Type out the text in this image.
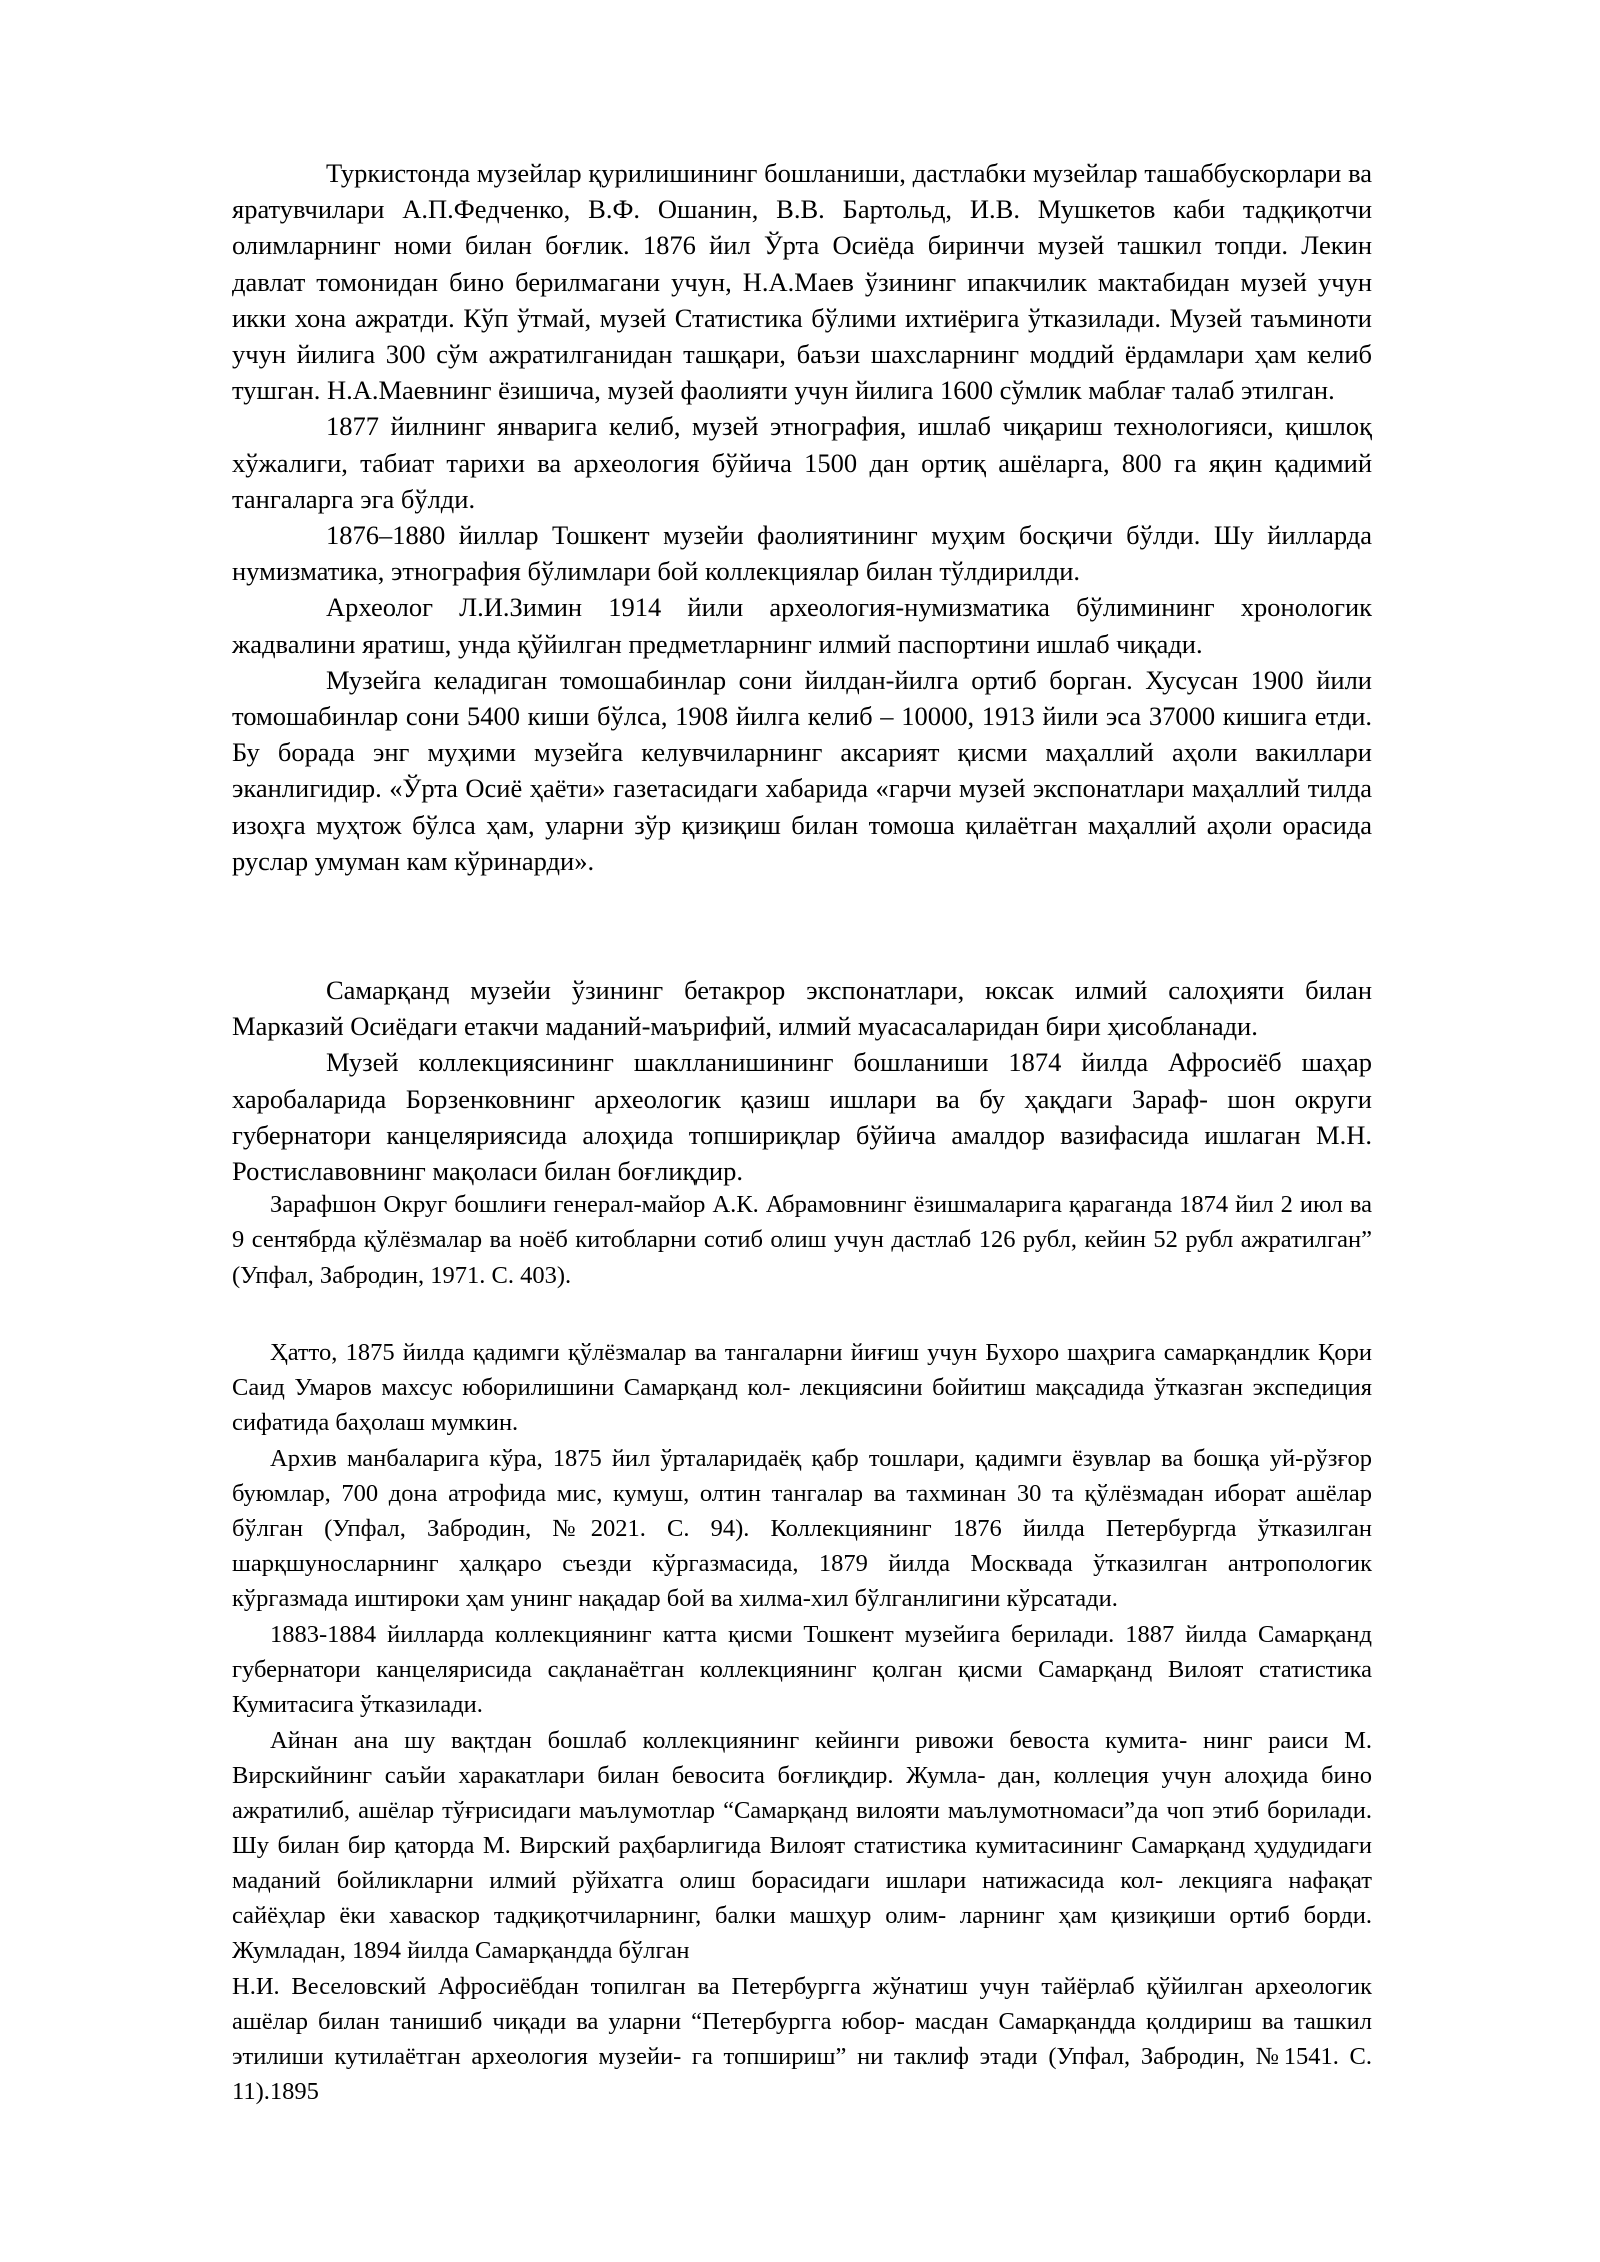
Туркистонда музейлар қурилишининг бошланиши, дастлабки музейлар ташаббускорлари ва яратувчилари А.П.Федченко, В.Ф. Ошанин, В.В. Бартольд, И.В. Мушкетов каби тадқиқотчи олимларнинг номи билан боғлик. 1876 йил Ўрта Осиёда биринчи музей ташкил топди. Лекин давлат томонидан бино берилмагани учун, Н.А.Маев ўзининг ипакчилик мактабидан музей учун икки хона ажратди. Кўп ўтмай, музей Статистика бўлими ихтиёрига ўтказилади. Музей таъминоти учун йилига 300 сўм ажратилганидан ташқари, баъзи шахсларнинг моддий ёрдамлари ҳам келиб тушган. Н.А.Маевнинг ёзишича, музей фаолияти учун йилига 1600 сўмлик маблағ талаб этилган.

1877 йилнинг январига келиб, музей этнография, ишлаб чиқариш технологияси, қишлоқ хўжалиги, табиат тарихи ва археология бўйича 1500 дан ортиқ ашёларга, 800 га яқин қадимий тангаларга эга бўлди.

1876–1880 йиллар Тошкент музейи фаолиятининг муҳим босқичи бўлди. Шу йилларда нумизматика, этнография бўлимлари бой коллекциялар билан тўлдирилди.

Археолог Л.И.Зимин 1914 йили археология-нумизматика бўлимининг хронологик жадвалини яратиш, унда қўйилган предметларнинг илмий паспортини ишлаб чиқади.

Музейга келадиган томошабинлар сони йилдан-йилга ортиб борган. Хусусан 1900 йили томошабинлар сони 5400 киши бўлса, 1908 йилга келиб – 10000, 1913 йили эса 37000 кишига етди. Бу борада энг муҳими музейга келувчиларнинг аксарият қисми маҳаллий аҳоли вакиллари эканлигидир. «Ўрта Осиё ҳаёти» газетасидаги хабарида «гарчи музей экспонатлари маҳаллий тилда изоҳга муҳтож бўлса ҳам, уларни зўр қизиқиш билан томоша қилаётган маҳаллий аҳоли орасида руслар умуман кам кўринарди».

Самарқанд музейи ўзининг бетакрор экспонатлари, юксак илмий салоҳияти билан Марказий Осиёдаги етакчи маданий-маърифий, илмий муасасаларидан бири ҳисобланади.

Музей коллекциясининг шаклланишининг бошланиши 1874 йилда Афросиёб шаҳар харобаларида Борзенковнинг археологик қазиш ишлари ва бу ҳақдаги Зараф- шон округи губернатори канцеляриясида алоҳида топшириқлар бўйича амалдор вазифасида ишлаган М.Н. Ростиславовнинг мақоласи билан боғлиқдир.

Зарафшон Округ бошлиғи генерал-майор А.К. Абрамовнинг ёзишмаларига қараганда 1874 йил 2 июл ва 9 сентябрда қўлёзмалар ва ноёб китобларни сотиб олиш учун дастлаб 126 рубл, кейин 52 рубл ажратилган” (Упфал, Забродин, 1971. С. 403).

Ҳатто, 1875 йилда қадимги қўлёзмалар ва тангаларни йиғиш учун Бухоро шаҳрига самарқандлик Қори Саид Умаров махсус юборилишини Самарқанд кол- лекциясини бойитиш мақсадида ўтказган экспедиция сифатида баҳолаш мумкин.

Архив манбаларига кўра, 1875 йил ўрталаридаёқ қабр тошлари, қадимги ёзувлар ва бошқа уй-рўзғор буюмлар, 700 дона атрофида мис, кумуш, олтин тангалар ва тахминан 30 та қўлёзмадан иборат ашёлар бўлган (Упфал, Забродин, №2021. С. 94). Коллекциянинг 1876 йилда Петербургда ўтказилган шарқшуносларнинг ҳалқаро съезди кўргазмасида, 1879 йилда Москвада ўтказилган антропологик кўргазмада иштироки ҳам унинг нақадар бой ва хилма-хил бўлганлигини кўрсатади.

1883-1884 йилларда коллекциянинг катта қисми Тошкент музейига берилади. 1887 йилда Самарқанд губернатори канцелярисида сақланаётган коллекциянинг қолган қисми Самарқанд Вилоят статистика Кумитасига ўтказилади.

Айнан ана шу вақтдан бошлаб коллекциянинг кейинги ривожи бевоста кумита- нинг раиси М. Вирскийнинг саъйи харакатлари билан бевосита боғлиқдир. Жумла- дан, коллеция учун алоҳида бино ажратилиб, ашёлар тўғрисидаги маълумотлар “Самарқанд вилояти маълумотномаси”да чоп этиб борилади. Шу билан бир қаторда М. Вирский раҳбарлигида Вилоят статистика кумитасининг Самарқанд ҳудудидаги маданий бойликларни илмий рўйхатга олиш борасидаги ишлари натижасида кол- лекцияга нафақат сайёҳлар ёки хаваскор тадқиқотчиларнинг, балки машҳур олим- ларнинг ҳам қизиқиши ортиб борди. Жумладан, 1894 йилда Самарқандда бўлган

Н.И. Веселовский Афросиёбдан топилган ва Петербургга жўнатиш учун тайёрлаб қўйилган археологик ашёлар билан танишиб чиқади ва уларни “Петербургга юбор- масдан Самарқандда қолдириш ва ташкил этилиши кутилаётган археология музейи- га топшириш” ни таклиф этади (Упфал, Забродин, №1541. С. 11).1895
